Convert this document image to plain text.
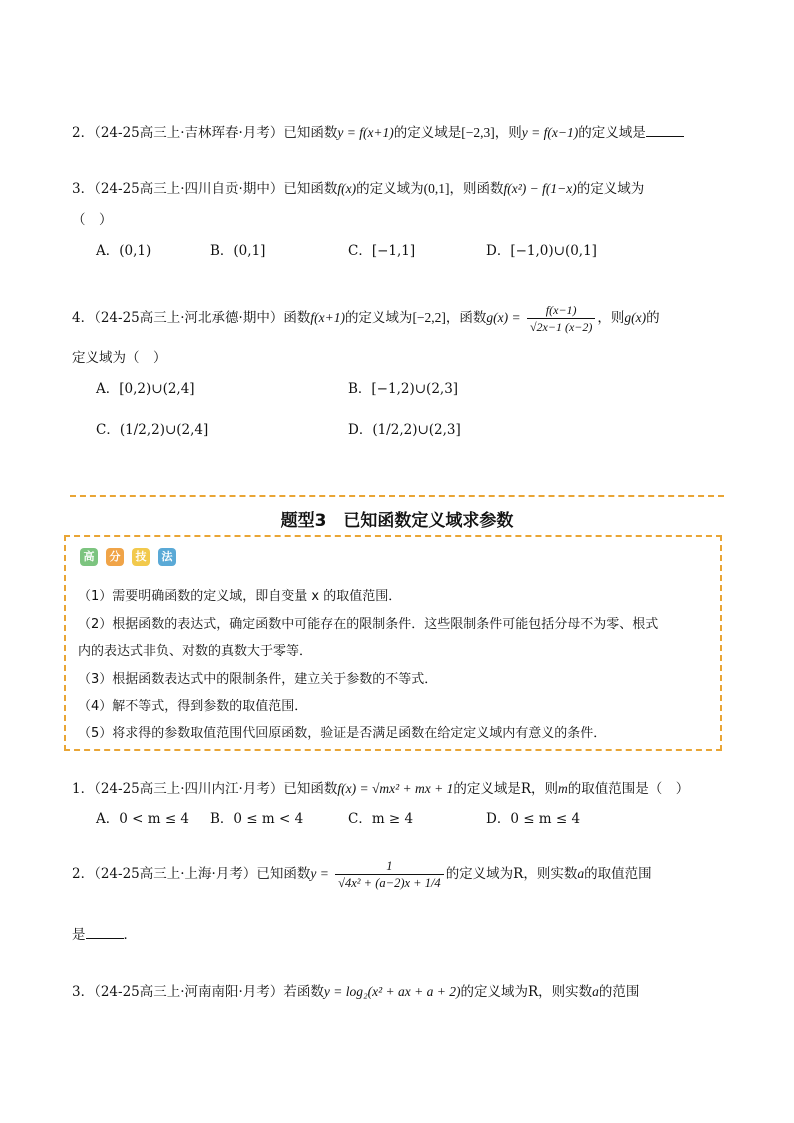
2．（24-25高三上·吉林珲春·月考）已知函数y = f(x+1)的定义域是[−2,3]，则y = f(x−1)的定义域是
3．（24-25高三上·四川自贡·期中）已知函数f(x)的定义域为(0,1]，则函数f(x²) − f(1−x)的定义域为
（　）
A．(0,1)	B．(0,1]	C．[−1,1]	D．[−1,0)∪(0,1]
4．（24-25高三上·河北承德·期中）函数f(x+1)的定义域为[−2,2]，函数$g(x) = \frac{f(x-1)}{√2x-1 (x-2)}$ ，则g(x)的
定义域为（　）
A．[0,2)∪(2,4]	B．[−1,2)∪(2,3]
C．(1/2,2)∪(2,4]	D．(1/2,2)∪(2,3]
题型3　已知函数定义域求参数
高	分	技	法
（1）需要明确函数的定义域，即自变量 x 的取值范围．
（2）根据函数的表达式，确定函数中可能存在的限制条件．这些限制条件可能包括分母不为零、根式
内的表达式非负、对数的真数大于零等．
（3）根据函数表达式中的限制条件，建立关于参数的不等式．
（4）解不等式，得到参数的取值范围．
（5）将求得的参数取值范围代回原函数，验证是否满足函数在给定定义域内有意义的条件．
1．（24-25高三上·四川内江·月考）已知函数f(x) = √mx² + mx + 1的定义域是R，则m的取值范围是（　）
A．0 < m ≤ 4 B．0 ≤ m < 4	C．m ≥ 4	D．0 ≤ m ≤ 4
2．（24-25高三上·上海·月考）已知函数$y = \frac{1}{\text{√4x² + (a−2)x + 1/4}}$ 的定义域为R，则实数a的取值范围
是	．
3．（24-25高三上·河南南阳·月考）若函数y = log₂(x² + ax + a + 2)的定义域为R，则实数a的范围
